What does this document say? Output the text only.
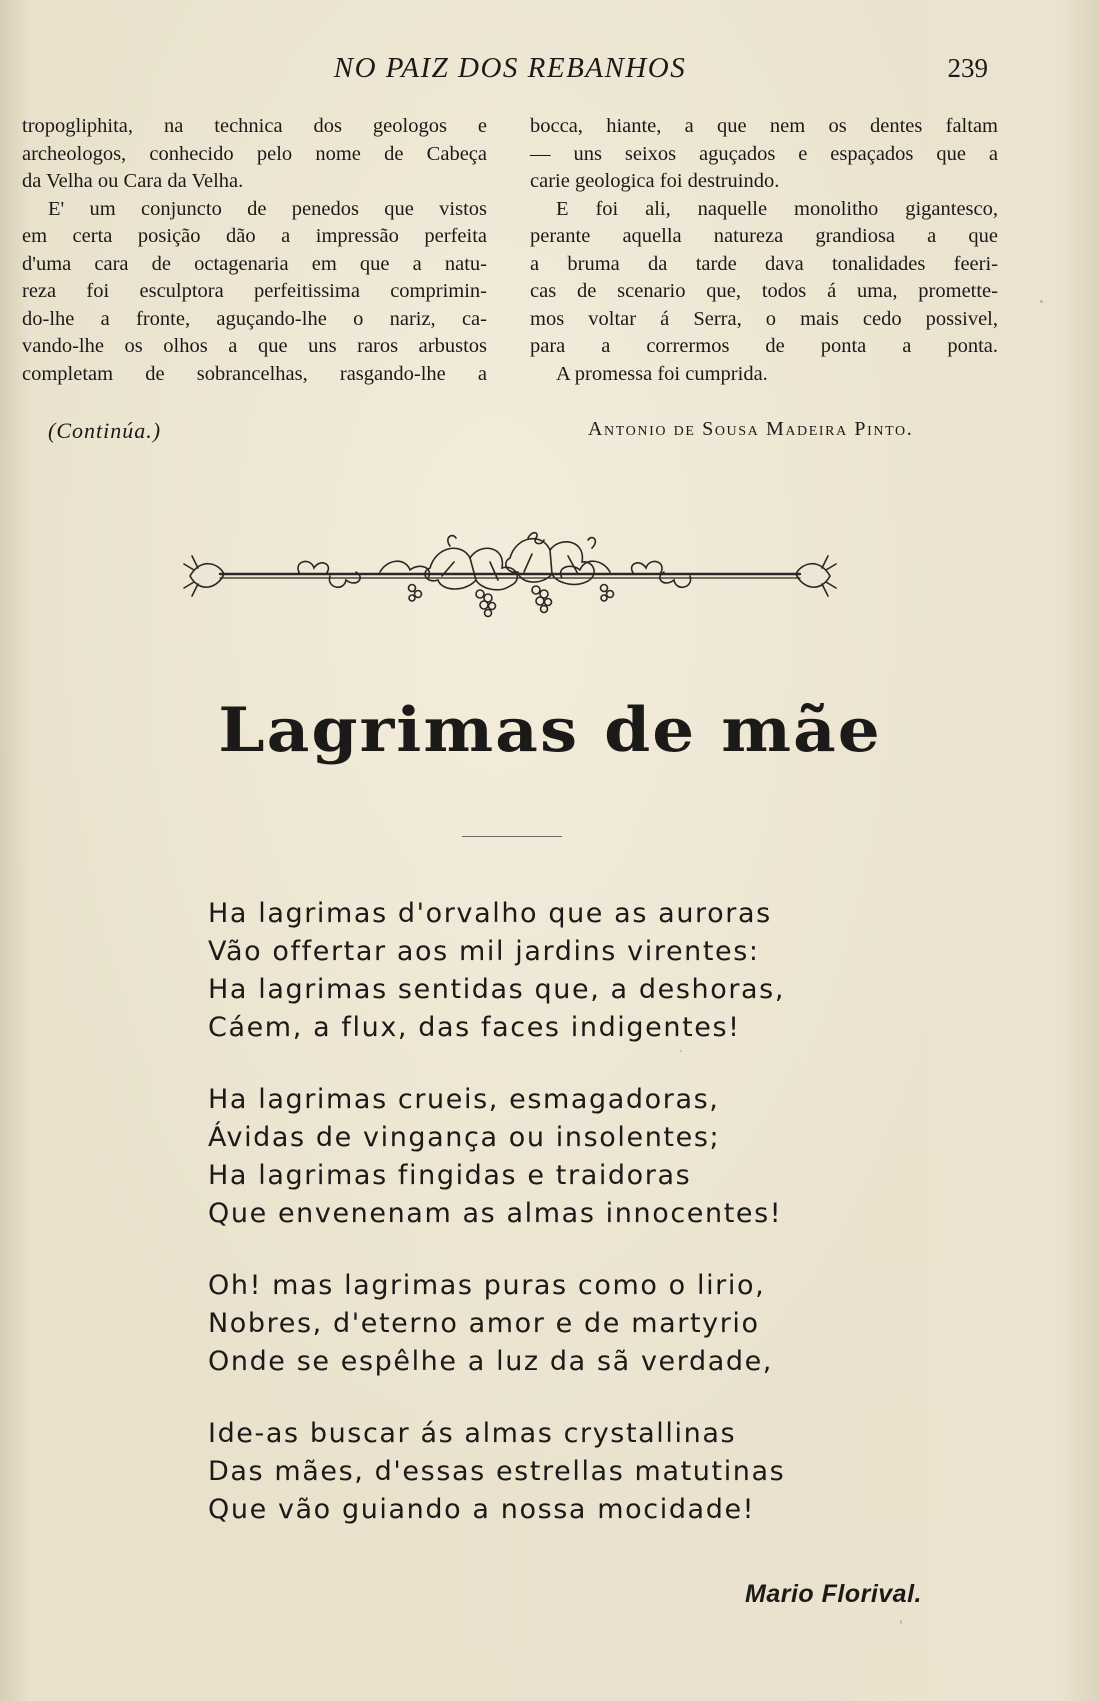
NO PAIZ DOS REBANHOS	239
tropogliphita, na technica dos geologos e
archeologos, conhecido pelo nome de Cabeça
da Velha ou Cara da Velha.
E' um conjuncto de penedos que vistos
em certa posição dão a impressão perfeita
d'uma cara de octagenaria em que a natu-
reza foi esculptora perfeitissima comprimin-
do-lhe a fronte, aguçando-lhe o nariz, ca-
vando-lhe os olhos a que uns raros arbustos
completam de sobrancelhas, rasgando-lhe a
bocca, hiante, a que nem os dentes faltam
— uns seixos aguçados e espaçados que a
carie geologica foi destruindo.
E foi ali, naquelle monolitho gigantesco,
perante aquella natureza grandiosa a que
a bruma da tarde dava tonalidades feeri-
cas de scenario que, todos á uma, promette-
mos voltar á Serra, o mais cedo possivel,
para a corrermos de ponta a ponta.
A promessa foi cumprida.
(Continúa.)	Antonio de Sousa Madeira Pinto.
Lagrimas de mãe
Ha lagrimas d'orvalho que as auroras
Vão offertar aos mil jardins virentes:
Ha lagrimas sentidas que, a deshoras,
Cáem, a flux, das faces indigentes!
Ha lagrimas crueis, esmagadoras,
Ávidas de vingança ou insolentes;
Ha lagrimas fingidas e traidoras
Que envenenam as almas innocentes!
Oh! mas lagrimas puras como o lirio,
Nobres, d'eterno amor e de martyrio
Onde se espêlhe a luz da sã verdade,
Ide-as buscar ás almas crystallinas
Das mães, d'essas estrellas matutinas
Que vão guiando a nossa mocidade!
Mario Florival.
